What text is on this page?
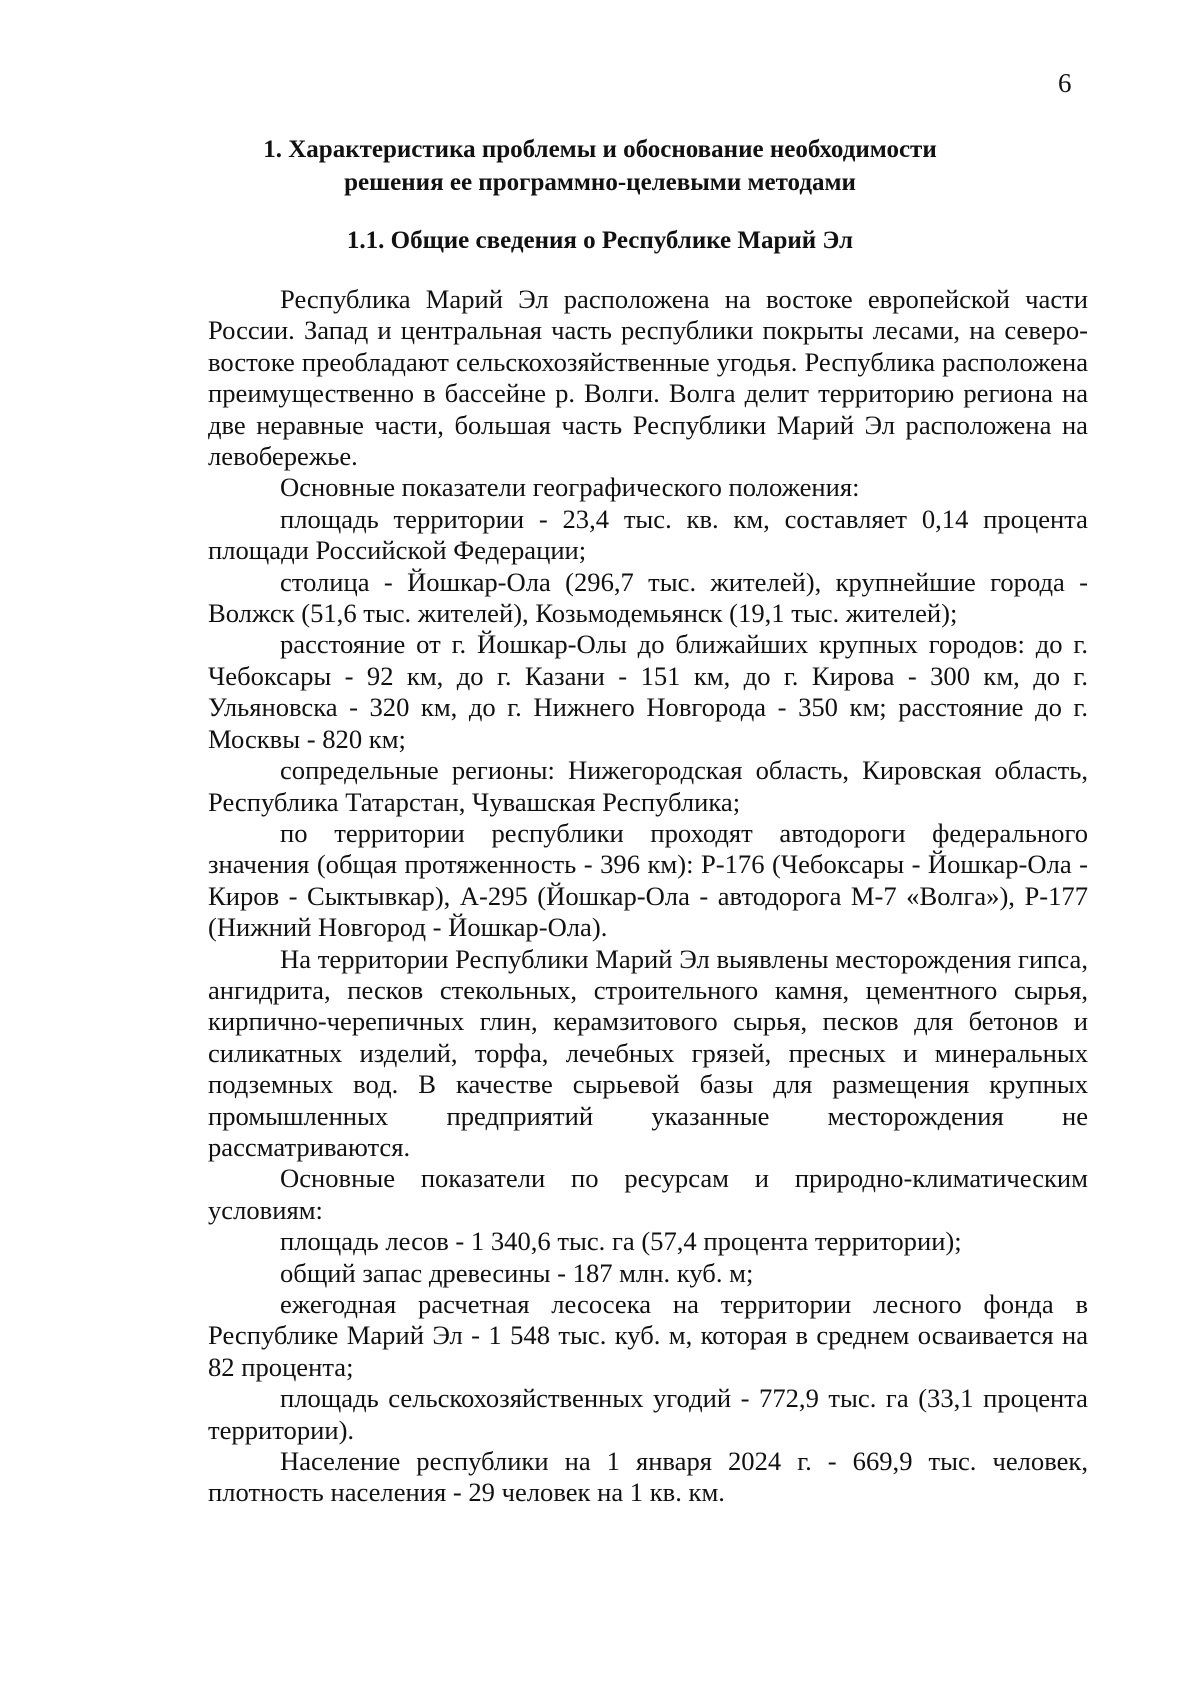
6
1. Характеристика проблемы и обоснование необходимости
решения ее программно-целевыми методами
1.1. Общие сведения о Республике Марий Эл

Республика Марий Эл расположена на востоке европейской части России. Запад и центральная часть республики покрыты лесами, на северо-востоке преобладают сельскохозяйственные угодья. Республика расположена преимущественно в бассейне р. Волги. Волга делит территорию региона на две неравные части, большая часть Республики Марий Эл расположена на левобережье.

Основные показатели географического положения:

площадь территории - 23,4 тыс. кв. км, составляет 0,14 процента площади Российской Федерации;

столица - Йошкар-Ола (296,7 тыс. жителей), крупнейшие города - Волжск (51,6 тыс. жителей), Козьмодемьянск (19,1 тыс. жителей);

расстояние от г. Йошкар-Олы до ближайших крупных городов: до г. Чебоксары - 92 км, до г. Казани - 151 км, до г. Кирова - 300 км, до г. Ульяновска - 320 км, до г. Нижнего Новгорода - 350 км; расстояние до г. Москвы - 820 км;

сопредельные регионы: Нижегородская область, Кировская область, Республика Татарстан, Чувашская Республика;

по территории республики проходят автодороги федерального значения (общая протяженность - 396 км): Р-176 (Чебоксары - Йошкар-Ола - Киров - Сыктывкар), А-295 (Йошкар-Ола - автодорога М-7 «Волга»), Р-177 (Нижний Новгород - Йошкар-Ола).

На территории Республики Марий Эл выявлены месторождения гипса, ангидрита, песков стекольных, строительного камня, цементного сырья, кирпично-черепичных глин, керамзитового сырья, песков для бетонов и силикатных изделий, торфа, лечебных грязей, пресных и минеральных подземных вод. В качестве сырьевой базы для размещения крупных промышленных предприятий указанные месторождения не рассматриваются.

Основные показатели по ресурсам и природно-климатическим условиям:

площадь лесов - 1 340,6 тыс. га (57,4 процента территории);

общий запас древесины - 187 млн. куб. м;

ежегодная расчетная лесосека на территории лесного фонда в Республике Марий Эл - 1 548 тыс. куб. м, которая в среднем осваивается на 82 процента;

площадь сельскохозяйственных угодий - 772,9 тыс. га (33,1 процента территории).

Население республики на 1 января 2024 г. - 669,9 тыс. человек, плотность населения - 29 человек на 1 кв. км.
